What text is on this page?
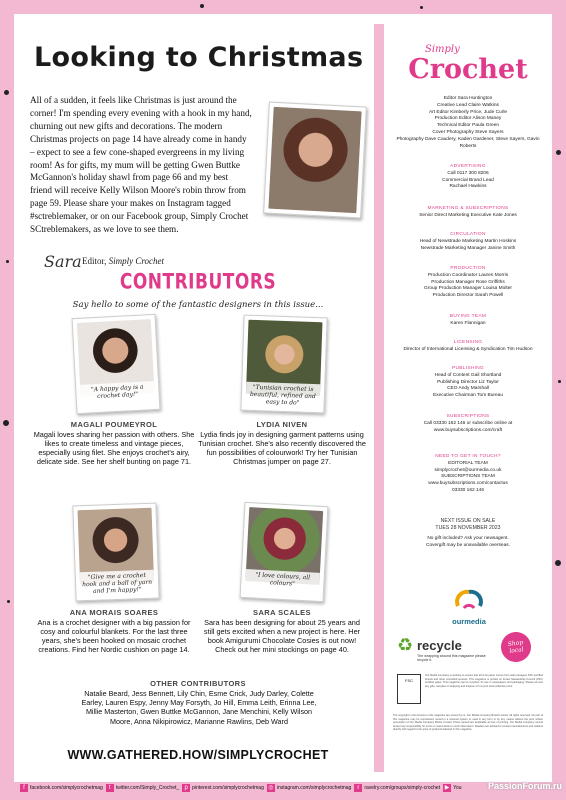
Looking to Christmas

All of a sudden, it feels like Christmas is just around the corner! I'm spending every evening with a hook in my hand, churning out new gifts and decorations. The modern Christmas projects on page 14 have already come in handy – expect to see a few cone-shaped evergreens in my living room! As for gifts, my mum will be getting Gwen Buttke McGannon's holiday shawl from page 66 and my best friend will receive Kelly Wilson Moore's robin throw from page 59. Please share your makes on Instagram tagged #sctreblemaker, or on our Facebook group, Simply Crochet SCtreblemakers, as we love to see them.

Sara Editor, Simply Crochet
CONTRIBUTORS
Say hello to some of the fantastic designers in this issue...
"A happy day is a crochet day!"
MAGALI POUMEYROL
Magali loves sharing her passion with others. She likes to create timeless and vintage pieces, especially using filet. She enjoys crochet's airy, delicate side. See her shelf bunting on page 71.
"Tunisian crochet is beautiful, refined and easy to do"
LYDIA NIVEN
Lydia finds joy in designing garment patterns using Tunisian crochet. She's also recently discovered the fun possibilities of colourwork! Try her Tunisian Christmas jumper on page 27.
"Give me a crochet hook and a ball of yarn and I'm happy!"
ANA MORAIS SOARES
Ana is a crochet designer with a big passion for cosy and colourful blankets. For the last three years, she's been hooked on mosaic crochet creations. Find her Nordic cushion on page 14.
"I love colours, all colours"
SARA SCALES
Sara has been designing for about 25 years and still gets excited when a new project is here. Her book Amigurumi Chocolate Cosies is out now! Check out her mini stockings on page 40.
OTHER CONTRIBUTORS
Natalie Beard, Jess Bennett, Lily Chin, Esme Crick, Judy Darley, Colette Earley, Lauren Espy, Jenny May Forsyth, Jo Hill, Emma Leith, Erinna Lee, Millie Masterton, Gwen Buttke McGannon, Jane Menchini, Kelly Wilson Moore, Anna Nikipirowicz, Marianne Rawlins, Deb Ward
Simply
Crochet
Editor Sara Huntington
Creative Lead Claire Watkins
Art Editor Kimberly Price, Jude Curle
Production Editor Alison Maney
Technical Editor Paula Green
Cover Photography Steve Sayers
Photography Dave Caudery, Kaden Gardener, Steve Sayers, Gavin Roberts
ADVERTISING
Call 0117 300 8206
Commercial Brand Lead
Rachael Hawkins
MARKETING & SUBSCRIPTIONS
Senior Direct Marketing Executive Kate Jones
CIRCULATION
Head of Newstrade Marketing Martin Hoskins
Newstrade Marketing Manager Janine Smith
PRODUCTION
Production Coordinator Lauren Morris
Production Manager Rose Griffiths
Group Production Manager Louisa Molter
Production Director Sarah Powell
BUYING TEAM
Karen Flannigan
LICENSING
Director of International Licensing & Syndication Tim Hudson
PUBLISHING
Head of Content Gail Shortland
Publishing Director Liz Taylor
CEO Andy Marshall
Executive Chairman Tom Bureau
SUBSCRIPTIONS
Call 03330 162 146 or subscribe online at
www.buysubscriptions.com/craft
NEED TO GET IN TOUCH?
EDITORIAL TEAM
simplycrochet@ourmedia.co.uk
SUBSCRIPTIONS TEAM
www.buysubscriptions.com/contactus
03330 162 146
NEXT ISSUE ON SALE
TUES 28 NOVEMBER 2023
No gift included? Ask your newsagent.
Covergift may be unavailable overseas.
ourmedia
♻ recycle
The wrapping around this magazine please recycle it.
Shop local
FSC
Our Media Company is working to ensure that all of its paper comes from well-managed, FSC-certified forests and other controlled sources. This magazine is printed on Forest Stewardship Council (FSC) certified paper. This magazine can be recycled, for use in newspapers and packaging. Please remove any gifts, samples or wrapping and dispose of it at your local collection point.
The copyright in the pictures in this magazine are owned by us. Our Media Company Bristol Limited. All rights reserved. No part of this magazine may be reproduced, stored in a retrieval system or used in any form or by any means without the prior written permission of Our Media Company Bristol Limited. Prices quoted are applicable at time of printing. Our Media Company cannot accept any responsibility for errors or inaccuracies in such information. Readers are advised to contact manufacturers and retailers directly with regard to the price of products featured in this magazine.
WWW.GATHERED.HOW/SIMPLYCROCHET
f	facebook.com/simplycrochetmag	t	twitter.com/Simply_Crochet_ p pinterest.com/simplycrochetmag ◎ instagram.com/simplycrochetmag	r	ravelry.com/groups/simply-crochet ▶ You	PassionForum.ru
